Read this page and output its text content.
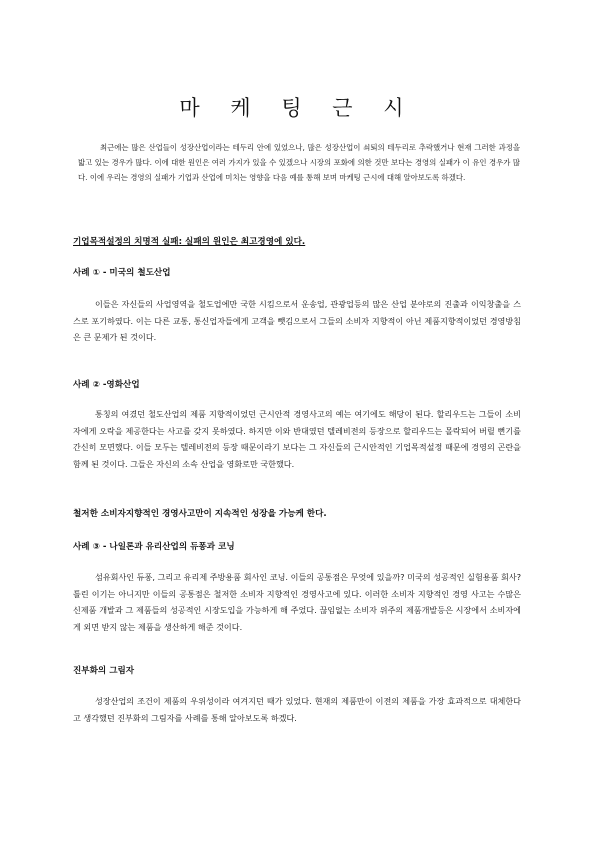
마 케 팅 근 시

최근에는 많은 산업들이 성장산업이라는 테두리 안에 있었으나, 많은 성장산업이 쇠퇴의 테두리로 추락했거나 현재 그러한 과정을 밟고 있는 경우가 많다. 이에 대한 원인은 여러 가지가 있을 수 있겠으나 시장의 포화에 의한 것만 보다는 경영의 실패가 이 유인 경우가 많다. 이에 우리는 경영의 실패가 기업과 산업에 미치는 영향을 다음 예를 통해 보며 마케팅 근시에 대해 알아보도록 하겠다.

기업목적설정의 치명적 실패: 실패의 원인은 최고경영에 있다.
사례 ① - 미국의 철도산업

이들은 자신들의 사업영역을 철도업에만 국한 시킴으로서 운송업, 관광업등의 많은 산업 분야로의 진출과 이익창출을 스스로 포기하였다. 이는 다른 교통, 통신업자들에게 고객을 뺏김으로서 그들의 소비자 지향적이 아닌 제품지향적이었던 경영방침은 큰 문제가 된 것이다.

사례 ② -영화산업

통칭의 여겼던 철도산업의 제품 지향적이었던 근시안적 경영사고의 예는 여기에도 해당이 된다. 할리우드는 그들이 소비자에게 오락을 제공한다는 사고를 갖지 못하였다. 하지만 이와 반대였던 텔레비전의 등장으로 할리우드는 몰락되어 버릴 뻔기를 간신히 모면했다. 이들 모두는 텔레비전의 등장 때문이라기 보다는 그 자신들의 근시안적인 기업목적설정 때문에 경영의 곤란을 함께 된 것이다. 그들은 자신의 소속 산업을 영화로만 국한했다.

철저한 소비자지향적인 경영사고만이 지속적인 성장을 가능케 한다.
사례 ③ - 나일론과 유리산업의 듀퐁과 코닝

섬유회사인 듀퐁, 그리고 유리제 주방용품 회사인 코닝. 이들의 공통점은 무엇에 있을까? 미국의 성공적인 실험용품 회사? 틀린 이기는 아니지만 이들의 공통점은 철저한 소비자 지향적인 경영사고에 있다. 이러한 소비자 지향적인 경영 사고는 수많은 신제품 개발과 그 제품들의 성공적인 시장도입을 가능하게 해 주었다. 끊임없는 소비자 위주의 제품개발등은 시장에서 소비자에게 외면 받지 않는 제품을 생산하게 해준 것이다.

진부화의 그림자

성장산업의 조건이 제품의 우위성이라 여겨지던 때가 있었다. 현재의 제품만이 이전의 제품을 가장 효과적으로 대체한다고 생각했던 진부화의 그림자를 사례를 통해 알아보도록 하겠다.
